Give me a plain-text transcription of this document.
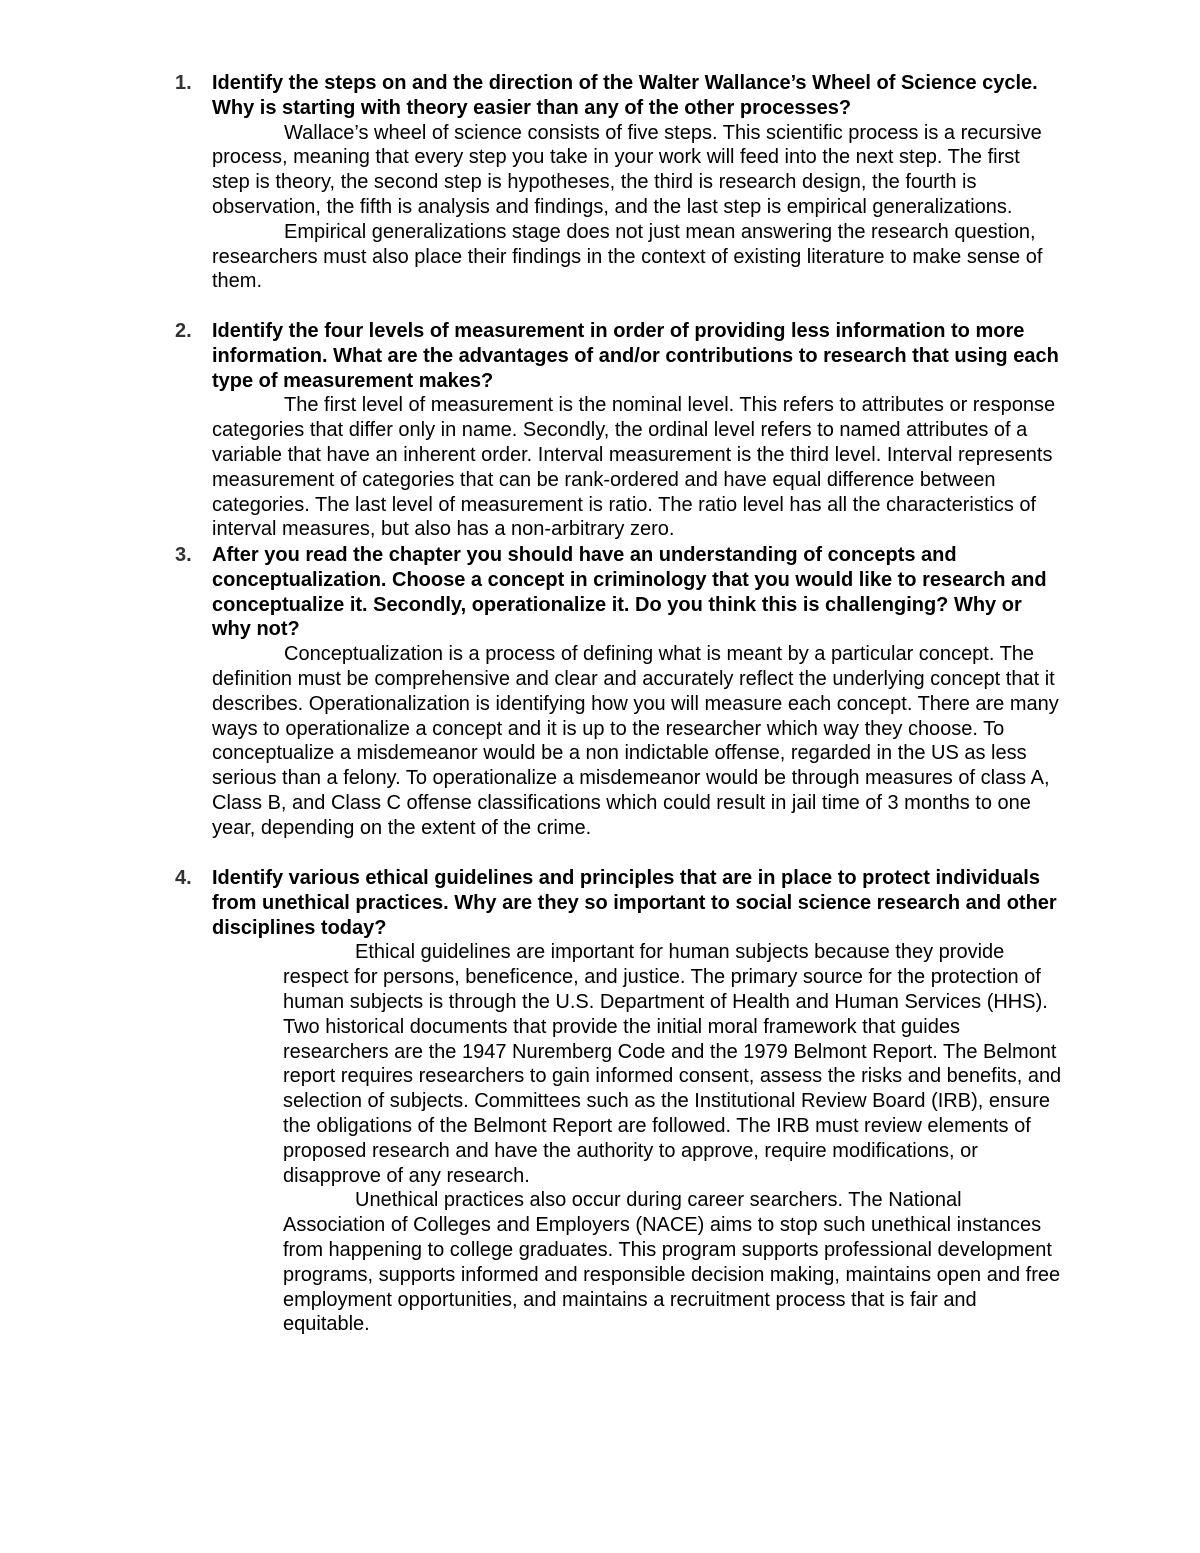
1. Identify the steps on and the direction of the Walter Wallance’s Wheel of Science cycle. Why is starting with theory easier than any of the other processes?

Wallace’s wheel of science consists of five steps. This scientific process is a recursive process, meaning that every step you take in your work will feed into the next step. The first step is theory, the second step is hypotheses, the third is research design, the fourth is observation, the fifth is analysis and findings, and the last step is empirical generalizations.

Empirical generalizations stage does not just mean answering the research question, researchers must also place their findings in the context of existing literature to make sense of them.

2. Identify the four levels of measurement in order of providing less information to more information. What are the advantages of and/or contributions to research that using each type of measurement makes?

The first level of measurement is the nominal level. This refers to attributes or response categories that differ only in name. Secondly, the ordinal level refers to named attributes of a variable that have an inherent order. Interval measurement is the third level. Interval represents measurement of categories that can be rank-ordered and have equal difference between categories. The last level of measurement is ratio. The ratio level has all the characteristics of interval measures, but also has a non-arbitrary zero.

3. After you read the chapter you should have an understanding of concepts and conceptualization. Choose a concept in criminology that you would like to research and conceptualize it. Secondly, operationalize it. Do you think this is challenging? Why or why not?

Conceptualization is a process of defining what is meant by a particular concept. The definition must be comprehensive and clear and accurately reflect the underlying concept that it describes. Operationalization is identifying how you will measure each concept. There are many ways to operationalize a concept and it is up to the researcher which way they choose. To conceptualize a misdemeanor would be a non indictable offense, regarded in the US as less serious than a felony. To operationalize a misdemeanor would be through measures of class A, Class B, and Class C offense classifications which could result in jail time of 3 months to one year, depending on the extent of the crime.

4. Identify various ethical guidelines and principles that are in place to protect individuals from unethical practices. Why are they so important to social science research and other disciplines today?

Ethical guidelines are important for human subjects because they provide respect for persons, beneficence, and justice. The primary source for the protection of human subjects is through the U.S. Department of Health and Human Services (HHS). Two historical documents that provide the initial moral framework that guides researchers are the 1947 Nuremberg Code and the 1979 Belmont Report. The Belmont report requires researchers to gain informed consent, assess the risks and benefits, and selection of subjects. Committees such as the Institutional Review Board (IRB), ensure the obligations of the Belmont Report are followed. The IRB must review elements of proposed research and have the authority to approve, require modifications, or disapprove of any research.

Unethical practices also occur during career searchers. The National Association of Colleges and Employers (NACE) aims to stop such unethical instances from happening to college graduates. This program supports professional development programs, supports informed and responsible decision making, maintains open and free employment opportunities, and maintains a recruitment process that is fair and equitable.
